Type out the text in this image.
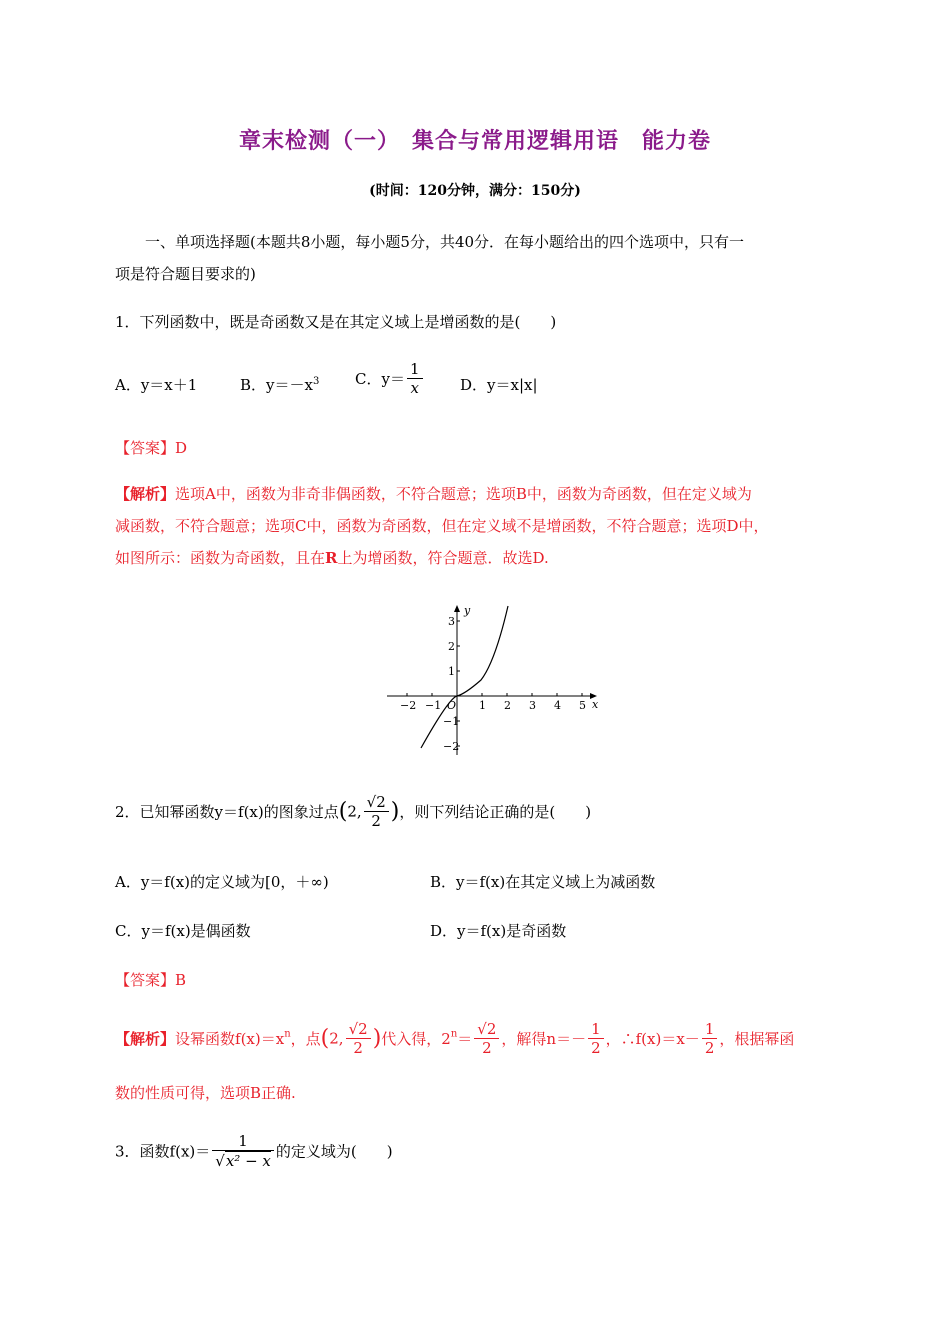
章末检测（一）　集合与常用逻辑用语　能力卷
(时间：120分钟，满分：150分)
一、单项选择题(本题共8小题，每小题5分，共40分．在每小题给出的四个选项中，只有一
项是符合题目要求的)
1．下列函数中，既是奇函数又是在其定义域上是增函数的是(　　)
A．y＝x＋1	B．$y=-x^3$ C．$y= \frac{1}{x}$	D．y＝x|x|
【答案】D
【解析】选项A中，函数为非奇非偶函数，不符合题意；选项B中，函数为奇函数，但在定义域为
减函数，不符合题意；选项C中，函数为奇函数，但在定义域不是增函数，不符合题意；选项D中，
如图所示：函数为奇函数，且在R上为增函数，符合题意．故选D.
y
x
O
−2 −1	1 2 3 4 5
3
2
1
−1
−2
2．已知幂函数y＝f(x)的图象过点(2, $\frac{√2}{2}$ )，则下列结论正确的是(　　)
A．y＝f(x)的定义域为[0，＋∞)	B．y＝f(x)在其定义域上为减函数
C．y＝f(x)是偶函数	D．y＝f(x)是奇函数
【答案】B
【解析】设幂函数$f(x)=x^n$，点(2, $\frac{√2}{2}$ )代入得，$2^n= \frac{√2}{2}$ ，解得$n=- \frac{1}{2}$ ，∴f(x)＝x－ $\frac{1}{2}$ ，根据幂函
数的性质可得，选项B正确.
3．函数$f(x)= \frac{1}{\text{√x² − x}}$ 的定义域为(　　)
